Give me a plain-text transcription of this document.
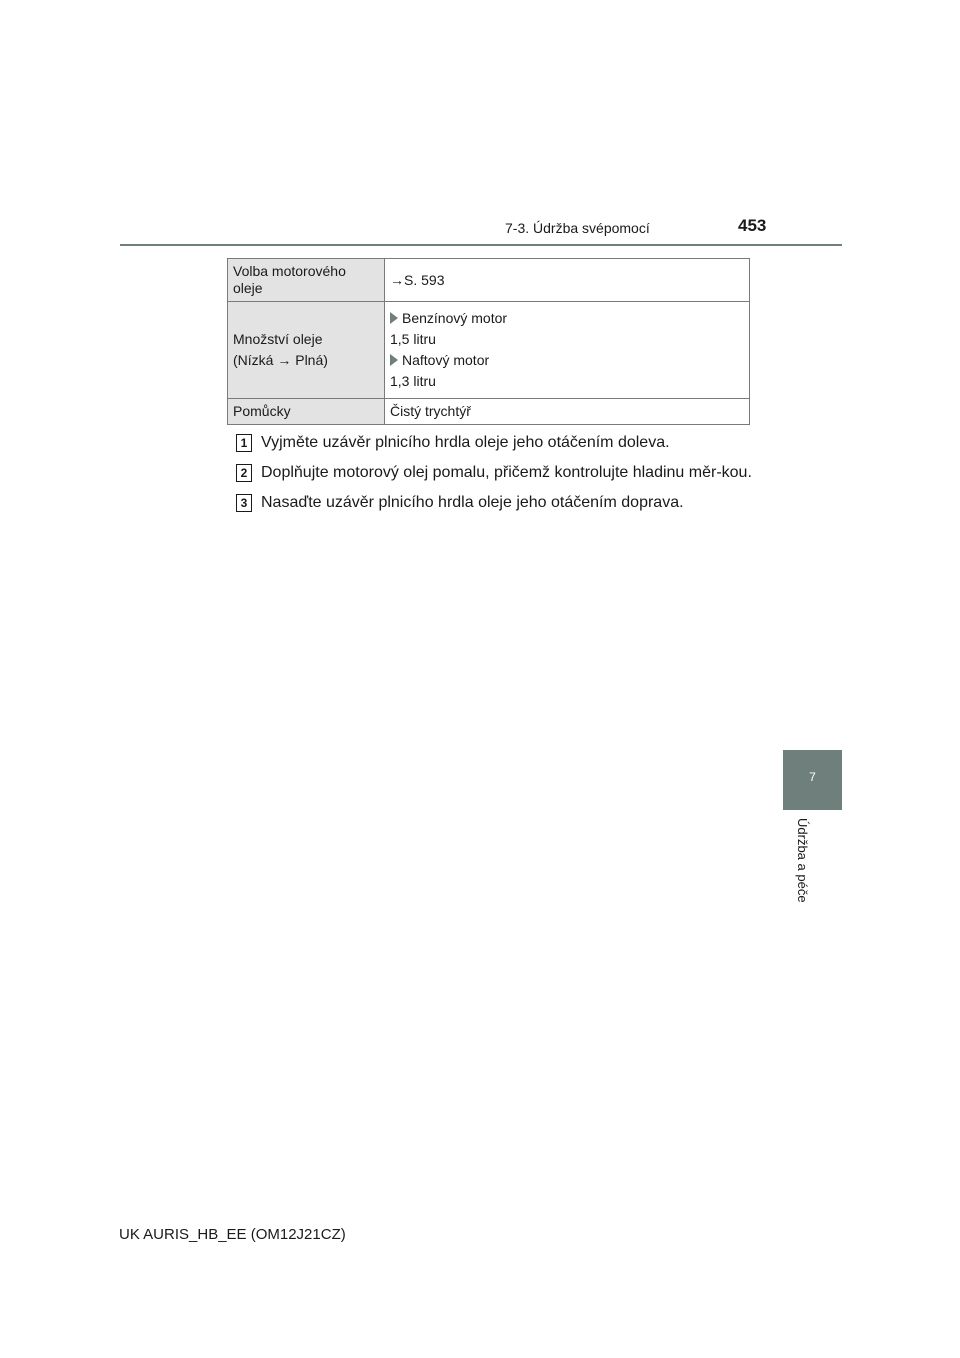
7-3. Údržba svépomocí	453
Volba motorového oleje	→S. 593

Množství oleje
(Nízká → Plná)	Benzínový motor
1,5 litru
Naftový motor
1,3 litru

Pomůcky	Čistý trychtýř
1 Vyjměte uzávěr plnicího hrdla oleje jeho otáčením doleva.
2 Doplňujte motorový olej pomalu, přičemž kontrolujte hladinu měr-kou.
3 Nasaďte uzávěr plnicího hrdla oleje jeho otáčením doprava.
7
Údržba a péče
UK AURIS_HB_EE (OM12J21CZ)
